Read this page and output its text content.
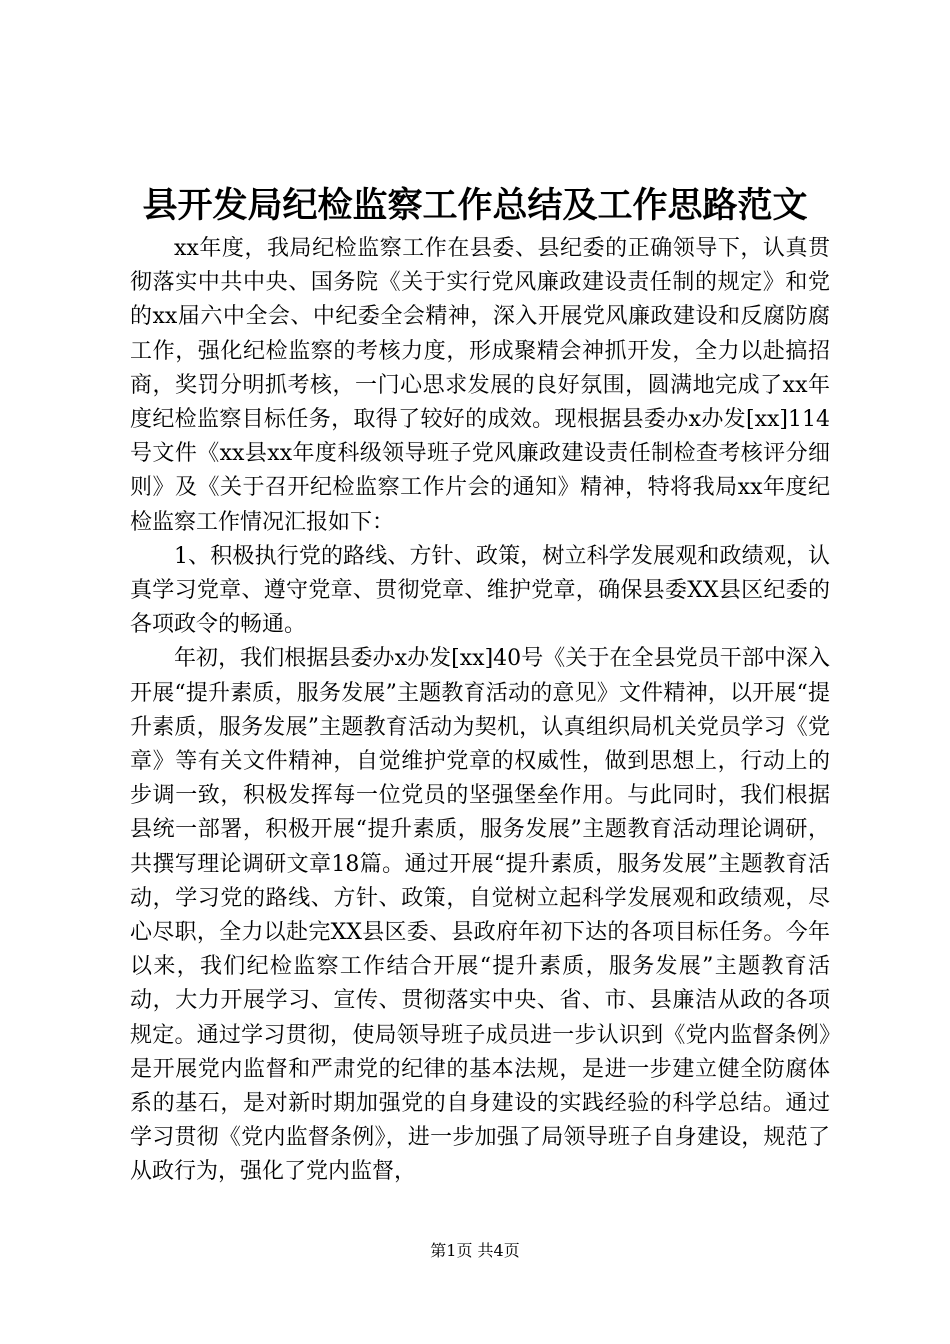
县开发局纪检监察工作总结及工作思路范文

xx年度，我局纪检监察工作在县委、县纪委的正确领导下，认真贯彻落实中共中央、国务院《关于实行党风廉政建设责任制的规定》和党的xx届六中全会、中纪委全会精神，深入开展党风廉政建设和反腐防腐工作，强化纪检监察的考核力度，形成聚精会神抓开发，全力以赴搞招商，奖罚分明抓考核，一门心思求发展的良好氛围，圆满地完成了xx年度纪检监察目标任务，取得了较好的成效。现根据县委办x办发[xx]114号文件《xx县xx年度科级领导班子党风廉政建设责任制检查考核评分细则》及《关于召开纪检监察工作片会的通知》精神，特将我局xx年度纪检监察工作情况汇报如下：

1、积极执行党的路线、方针、政策，树立科学发展观和政绩观，认真学习党章、遵守党章、贯彻党章、维护党章，确保县委XX县区纪委的各项政令的畅通。

年初，我们根据县委办x办发[xx]40号《关于在全县党员干部中深入开展“提升素质，服务发展”主题教育活动的意见》文件精神，以开展“提升素质，服务发展”主题教育活动为契机，认真组织局机关党员学习《党章》等有关文件精神，自觉维护党章的权威性，做到思想上，行动上的步调一致，积极发挥每一位党员的坚强堡垒作用。与此同时，我们根据县统一部署，积极开展“提升素质，服务发展”主题教育活动理论调研，共撰写理论调研文章18篇。通过开展“提升素质，服务发展”主题教育活动，学习党的路线、方针、政策，自觉树立起科学发展观和政绩观，尽心尽职，全力以赴完XX县区委、县政府年初下达的各项目标任务。今年以来，我们纪检监察工作结合开展“提升素质，服务发展”主题教育活动，大力开展学习、宣传、贯彻落实中央、省、市、县廉洁从政的各项规定。通过学习贯彻，使局领导班子成员进一步认识到《党内监督条例》是开展党内监督和严肃党的纪律的基本法规，是进一步建立健全防腐体系的基石，是对新时期加强党的自身建设的实践经验的科学总结。通过学习贯彻《党内监督条例》，进一步加强了局领导班子自身建设，规范了从政行为，强化了党内监督，

第1页 共4页
